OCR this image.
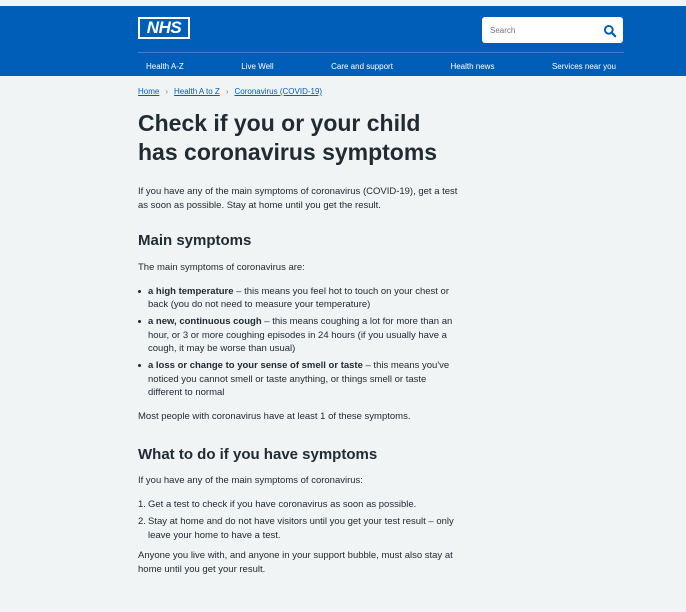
NHS
Search
Health A-Z	Live Well	Care and support	Health news	Services near you
Home › Health A to Z › Coronavirus (COVID-19)
Check if you or your child has coronavirus symptoms

If you have any of the main symptoms of coronavirus (COVID-19), get a test as soon as possible. Stay at home until you get the result.

Main symptoms

The main symptoms of coronavirus are:

a high temperature – this means you feel hot to touch on your chest or back (you do not need to measure your temperature)
a new, continuous cough – this means coughing a lot for more than an hour, or 3 or more coughing episodes in 24 hours (if you usually have a cough, it may be worse than usual)
a loss or change to your sense of smell or taste – this means you've noticed you cannot smell or taste anything, or things smell or taste different to normal

Most people with coronavirus have at least 1 of these symptoms.

What to do if you have symptoms

If you have any of the main symptoms of coronavirus:

1. Get a test to check if you have coronavirus as soon as possible.
2. Stay at home and do not have visitors until you get your test result – only leave your home to have a test.

Anyone you live with, and anyone in your support bubble, must also stay at home until you get your result.
